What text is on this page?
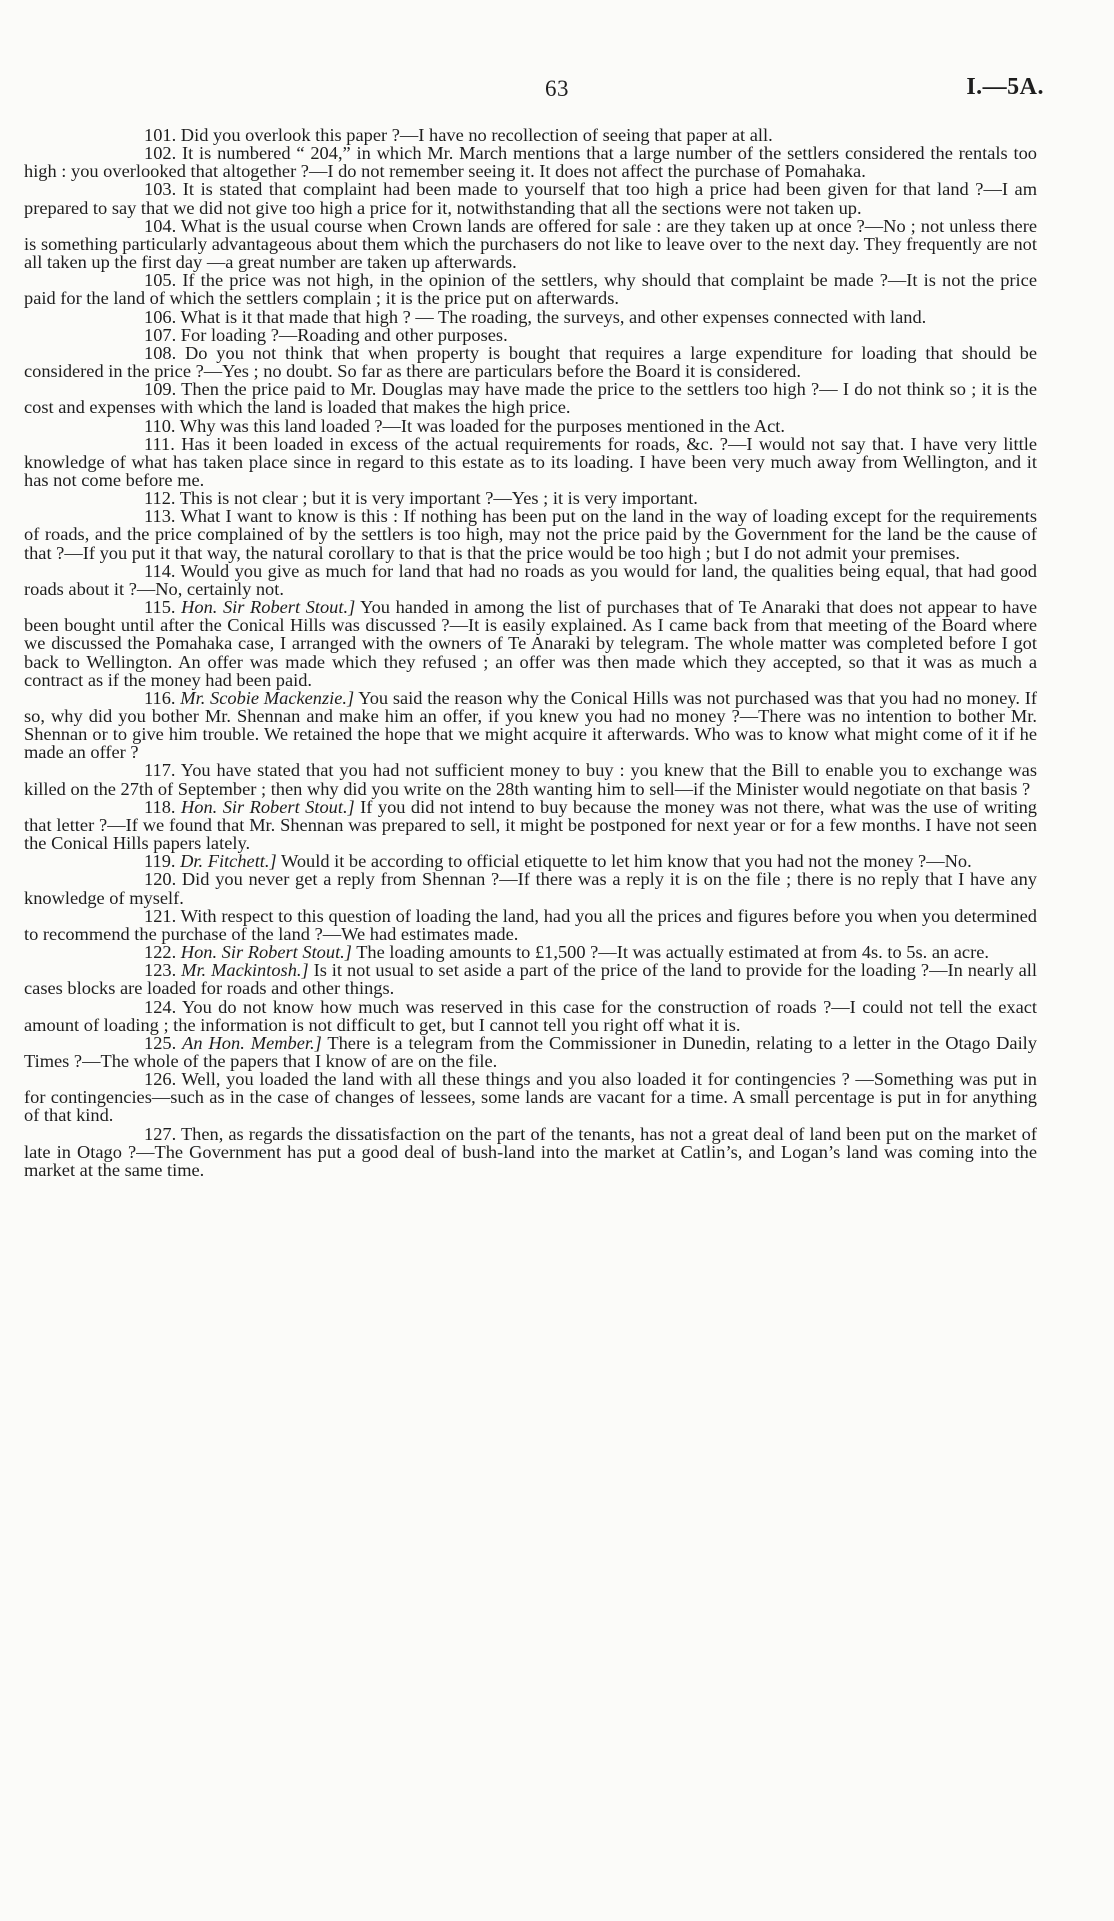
63	I.—5A.

101. Did you overlook this paper ?—I have no recollection of seeing that paper at all.

102. It is numbered “ 204,” in which Mr. March mentions that a large number of the settlers considered the rentals too high : you overlooked that altogether ?—I do not remember seeing it. It does not affect the purchase of Pomahaka.

103. It is stated that complaint had been made to yourself that too high a price had been given for that land ?—I am prepared to say that we did not give too high a price for it, notwithstanding that all the sections were not taken up.

104. What is the usual course when Crown lands are offered for sale : are they taken up at once ?—No ; not unless there is something particularly advantageous about them which the purchasers do not like to leave over to the next day. They frequently are not all taken up the first day —a great number are taken up afterwards.

105. If the price was not high, in the opinion of the settlers, why should that complaint be made ?—It is not the price paid for the land of which the settlers complain ; it is the price put on afterwards.

106. What is it that made that high ? — The roading, the surveys, and other expenses connected with land.

107. For loading ?—Roading and other purposes.

108. Do you not think that when property is bought that requires a large expenditure for loading that should be considered in the price ?—Yes ; no doubt. So far as there are particulars before the Board it is considered.

109. Then the price paid to Mr. Douglas may have made the price to the settlers too high ?— I do not think so ; it is the cost and expenses with which the land is loaded that makes the high price.

110. Why was this land loaded ?—It was loaded for the purposes mentioned in the Act.

111. Has it been loaded in excess of the actual requirements for roads, &c. ?—I would not say that. I have very little knowledge of what has taken place since in regard to this estate as to its loading. I have been very much away from Wellington, and it has not come before me.

112. This is not clear ; but it is very important ?—Yes ; it is very important.

113. What I want to know is this : If nothing has been put on the land in the way of loading except for the requirements of roads, and the price complained of by the settlers is too high, may not the price paid by the Government for the land be the cause of that ?—If you put it that way, the natural corollary to that is that the price would be too high ; but I do not admit your premises.

114. Would you give as much for land that had no roads as you would for land, the qualities being equal, that had good roads about it ?—No, certainly not.

115. Hon. Sir Robert Stout.] You handed in among the list of purchases that of Te Anaraki that does not appear to have been bought until after the Conical Hills was discussed ?—It is easily explained. As I came back from that meeting of the Board where we discussed the Pomahaka case, I arranged with the owners of Te Anaraki by telegram. The whole matter was completed before I got back to Wellington. An offer was made which they refused ; an offer was then made which they accepted, so that it was as much a contract as if the money had been paid.

116. Mr. Scobie Mackenzie.] You said the reason why the Conical Hills was not purchased was that you had no money. If so, why did you bother Mr. Shennan and make him an offer, if you knew you had no money ?—There was no intention to bother Mr. Shennan or to give him trouble. We retained the hope that we might acquire it afterwards. Who was to know what might come of it if he made an offer ?

117. You have stated that you had not sufficient money to buy : you knew that the Bill to enable you to exchange was killed on the 27th of September ; then why did you write on the 28th wanting him to sell—if the Minister would negotiate on that basis ?

118. Hon. Sir Robert Stout.] If you did not intend to buy because the money was not there, what was the use of writing that letter ?—If we found that Mr. Shennan was prepared to sell, it might be postponed for next year or for a few months. I have not seen the Conical Hills papers lately.

119. Dr. Fitchett.] Would it be according to official etiquette to let him know that you had not the money ?—No.

120. Did you never get a reply from Shennan ?—If there was a reply it is on the file ; there is no reply that I have any knowledge of myself.

121. With respect to this question of loading the land, had you all the prices and figures before you when you determined to recommend the purchase of the land ?—We had estimates made.

122. Hon. Sir Robert Stout.] The loading amounts to £1,500 ?—It was actually estimated at from 4s. to 5s. an acre.

123. Mr. Mackintosh.] Is it not usual to set aside a part of the price of the land to provide for the loading ?—In nearly all cases blocks are loaded for roads and other things.

124. You do not know how much was reserved in this case for the construction of roads ?—I could not tell the exact amount of loading ; the information is not difficult to get, but I cannot tell you right off what it is.

125. An Hon. Member.] There is a telegram from the Commissioner in Dunedin, relating to a letter in the Otago Daily Times ?—The whole of the papers that I know of are on the file.

126. Well, you loaded the land with all these things and you also loaded it for contingencies ? —Something was put in for contingencies—such as in the case of changes of lessees, some lands are vacant for a time. A small percentage is put in for anything of that kind.

127. Then, as regards the dissatisfaction on the part of the tenants, has not a great deal of land been put on the market of late in Otago ?—The Government has put a good deal of bush-land into the market at Catlin’s, and Logan’s land was coming into the market at the same time.
